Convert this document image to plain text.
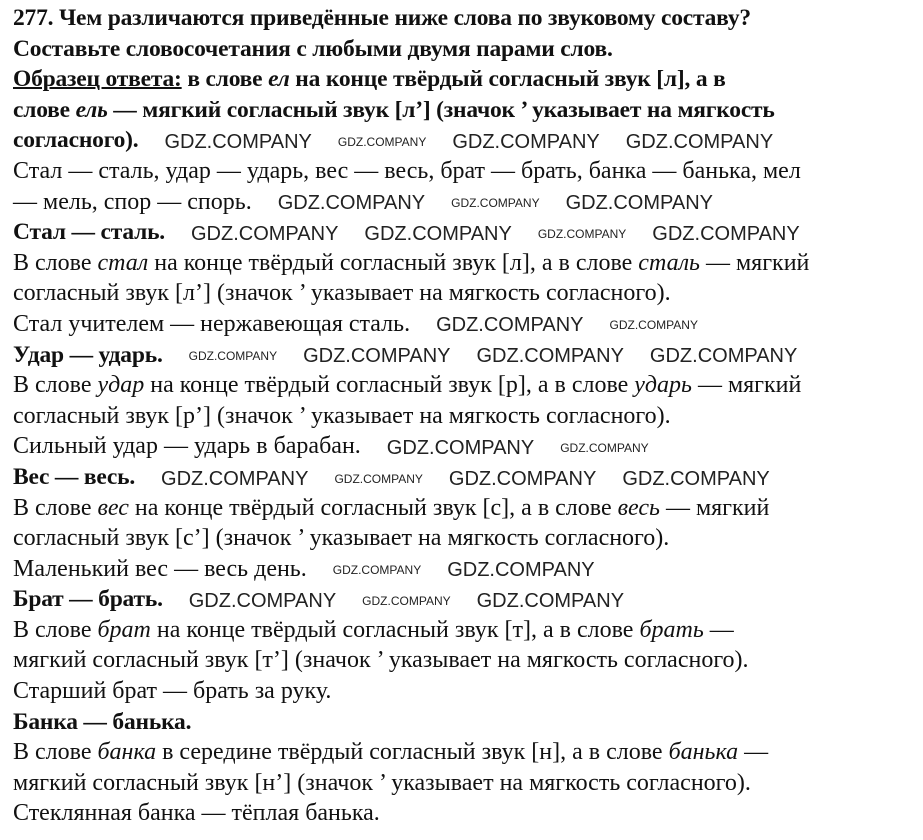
277. Чем различаются приведённые ниже слова по звуковому составу?
Составьте словосочетания с любыми двумя парами слов.
Образец ответа: в слове ел на конце твёрдый согласный звук [л], а в
слове ель — мягкий согласный звук [л’] (значок ’ указывает на мягкость
согласного). GDZ.COMPANY GDZ.COMPANY GDZ.COMPANY GDZ.COMPANY
Стал — сталь, удар — ударь, вес — весь, брат — брать, банка — банька, мел
— мель, спор — спорь. GDZ.COMPANY GDZ.COMPANY GDZ.COMPANY
Стал — сталь. GDZ.COMPANY GDZ.COMPANY GDZ.COMPANY GDZ.COMPANY
В слове стал на конце твёрдый согласный звук [л], а в слове сталь — мягкий
согласный звук [л’] (значок ’ указывает на мягкость согласного).
Стал учителем — нержавеющая сталь. GDZ.COMPANY GDZ.COMPANY
Удар — ударь. GDZ.COMPANY GDZ.COMPANY GDZ.COMPANY GDZ.COMPANY
В слове удар на конце твёрдый согласный звук [р], а в слове ударь — мягкий
согласный звук [р’] (значок ’ указывает на мягкость согласного).
Сильный удар — ударь в барабан. GDZ.COMPANY GDZ.COMPANY
Вес — весь. GDZ.COMPANY GDZ.COMPANY GDZ.COMPANY GDZ.COMPANY
В слове вес на конце твёрдый согласный звук [с], а в слове весь — мягкий
согласный звук [с’] (значок ’ указывает на мягкость согласного).
Маленький вес — весь день. GDZ.COMPANY GDZ.COMPANY
Брат — брать. GDZ.COMPANY GDZ.COMPANY GDZ.COMPANY
В слове брат на конце твёрдый согласный звук [т], а в слове брать —
мягкий согласный звук [т’] (значок ’ указывает на мягкость согласного).
Старший брат — брать за руку.
Банка — банька.
В слове банка в середине твёрдый согласный звук [н], а в слове банька —
мягкий согласный звук [н’] (значок ’ указывает на мягкость согласного).
Стеклянная банка — тёплая банька.
